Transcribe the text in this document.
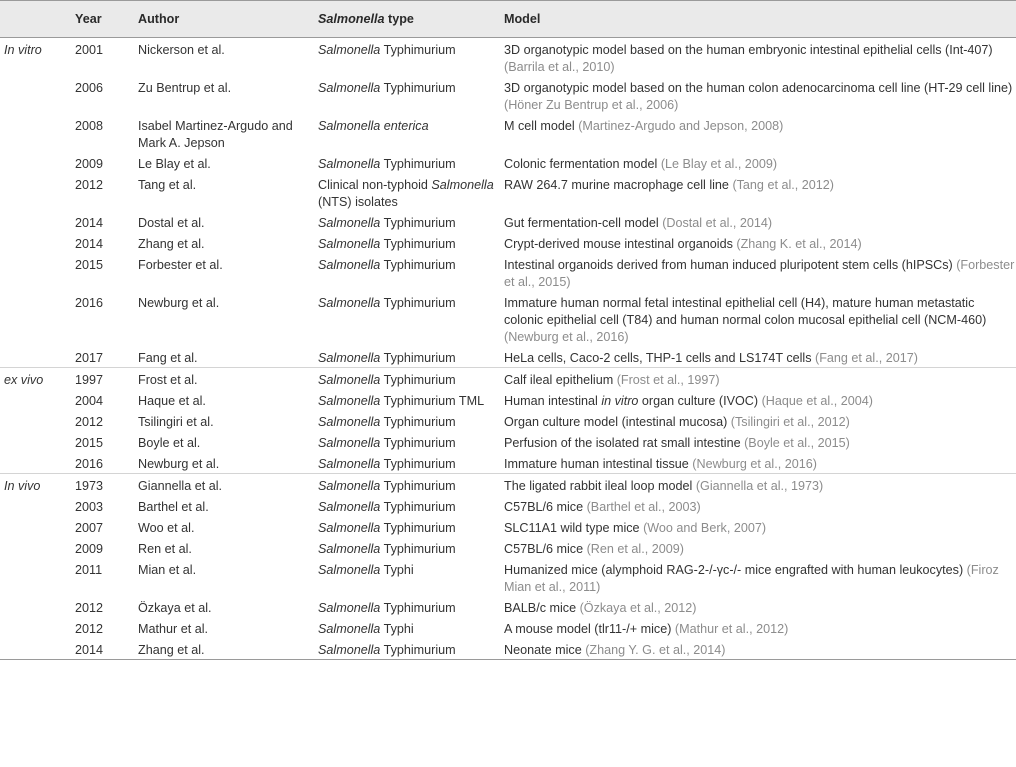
	Year	Author	Salmonella type	Model
In vitro	2001	Nickerson et al.	Salmonella Typhimurium	3D organotypic model based on the human embryonic intestinal epithelial cells (Int-407) (Barrila et al., 2010)
	2006	Zu Bentrup et al.	Salmonella Typhimurium	3D organotypic model based on the human colon adenocarcinoma cell line (HT-29 cell line) (Höner Zu Bentrup et al., 2006)
	2008	Isabel Martinez-Argudo and Mark A. Jepson	Salmonella enterica	M cell model (Martinez-Argudo and Jepson, 2008)
	2009	Le Blay et al.	Salmonella Typhimurium	Colonic fermentation model (Le Blay et al., 2009)
	2012	Tang et al.	Clinical non-typhoid Salmonella (NTS) isolates	RAW 264.7 murine macrophage cell line (Tang et al., 2012)
	2014	Dostal et al.	Salmonella Typhimurium	Gut fermentation-cell model (Dostal et al., 2014)
	2014	Zhang et al.	Salmonella Typhimurium	Crypt-derived mouse intestinal organoids (Zhang K. et al., 2014)
	2015	Forbester et al.	Salmonella Typhimurium	Intestinal organoids derived from human induced pluripotent stem cells (hIPSCs) (Forbester et al., 2015)
	2016	Newburg et al.	Salmonella Typhimurium	Immature human normal fetal intestinal epithelial cell (H4), mature human metastatic colonic epithelial cell (T84) and human normal colon mucosal epithelial cell (NCM-460) (Newburg et al., 2016)
	2017	Fang et al.	Salmonella Typhimurium	HeLa cells, Caco-2 cells, THP-1 cells and LS174T cells (Fang et al., 2017)
ex vivo	1997	Frost et al.	Salmonella Typhimurium	Calf ileal epithelium (Frost et al., 1997)
	2004	Haque et al.	Salmonella Typhimurium TML	Human intestinal in vitro organ culture (IVOC) (Haque et al., 2004)
	2012	Tsilingiri et al.	Salmonella Typhimurium	Organ culture model (intestinal mucosa) (Tsilingiri et al., 2012)
	2015	Boyle et al.	Salmonella Typhimurium	Perfusion of the isolated rat small intestine (Boyle et al., 2015)
	2016	Newburg et al.	Salmonella Typhimurium	Immature human intestinal tissue (Newburg et al., 2016)
In vivo	1973	Giannella et al.	Salmonella Typhimurium	The ligated rabbit ileal loop model (Giannella et al., 1973)
	2003	Barthel et al.	Salmonella Typhimurium	C57BL/6 mice (Barthel et al., 2003)
	2007	Woo et al.	Salmonella Typhimurium	SLC11A1 wild type mice (Woo and Berk, 2007)
	2009	Ren et al.	Salmonella Typhimurium	C57BL/6 mice (Ren et al., 2009)
	2011	Mian et al.	Salmonella Typhi	Humanized mice (alymphoid RAG-2-/-γc-/- mice engrafted with human leukocytes) (Firoz Mian et al., 2011)
	2012	Özkaya et al.	Salmonella Typhimurium	BALB/c mice (Özkaya et al., 2012)
	2012	Mathur et al.	Salmonella Typhi	A mouse model (tlr11-/+ mice) (Mathur et al., 2012)
	2014	Zhang et al.	Salmonella Typhimurium	Neonate mice (Zhang Y. G. et al., 2014)
